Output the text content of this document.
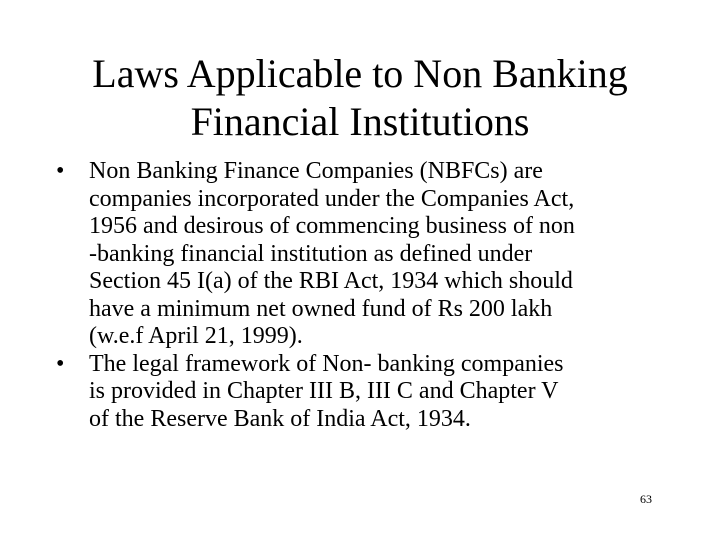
Laws Applicable to Non Banking
Financial Institutions
•	Non Banking Finance Companies (NBFCs) are
companies incorporated under the Companies Act,
1956 and desirous of commencing business of non
-banking financial institution as defined under
Section 45 I(a) of the RBI Act, 1934 which should
have a minimum net owned fund of Rs 200 lakh
(w.e.f April 21, 1999).
•	The legal framework of Non- banking companies
is provided in Chapter III B, III C and Chapter V
of the Reserve Bank of India Act, 1934.
63
